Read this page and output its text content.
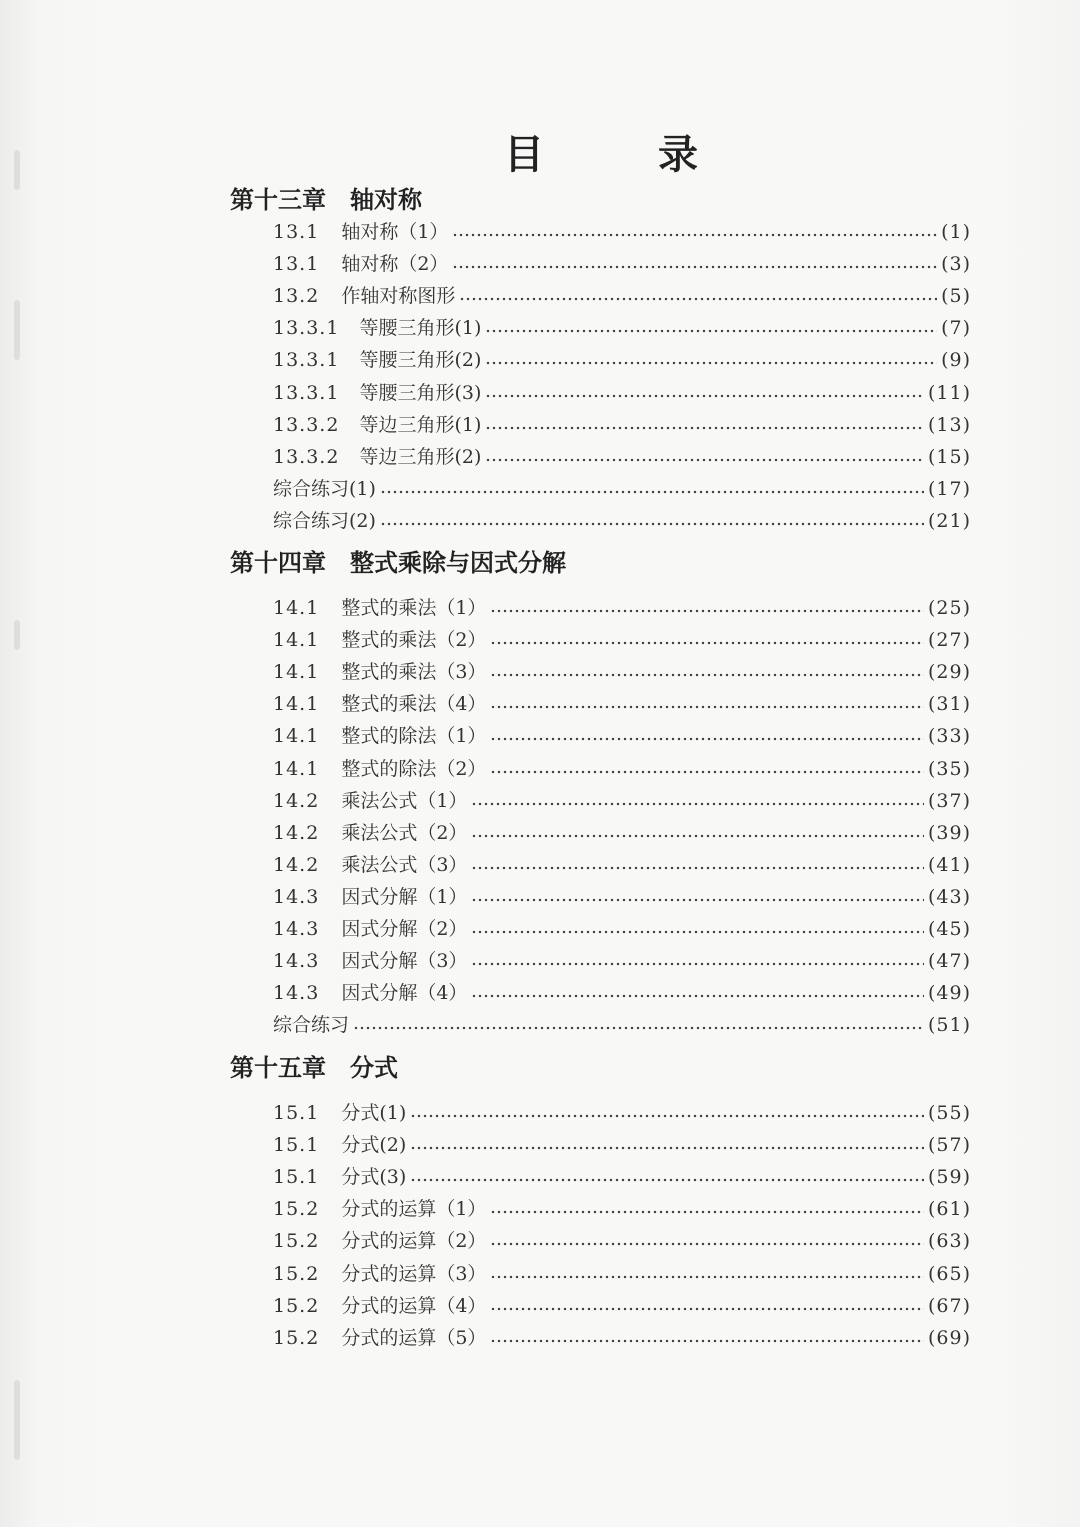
目	录
第十三章 轴对称
13.1 轴对称（1）	(1)
13.1 轴对称（2）	(3)
13.2 作轴对称图形	(5)
13.3.1 等腰三角形(1)	(7)
13.3.1 等腰三角形(2)	(9)
13.3.1 等腰三角形(3)	(11)
13.3.2 等边三角形(1)	(13)
13.3.2 等边三角形(2)	(15)
综合练习(1)	(17)
综合练习(2)	(21)
第十四章 整式乘除与因式分解
14.1 整式的乘法（1）	(25)
14.1 整式的乘法（2）	(27)
14.1 整式的乘法（3）	(29)
14.1 整式的乘法（4）	(31)
14.1 整式的除法（1）	(33)
14.1 整式的除法（2）	(35)
14.2 乘法公式（1）	(37)
14.2 乘法公式（2）	(39)
14.2 乘法公式（3）	(41)
14.3 因式分解（1）	(43)
14.3 因式分解（2）	(45)
14.3 因式分解（3）	(47)
14.3 因式分解（4）	(49)
综合练习	(51)
第十五章 分式
15.1 分式(1)	(55)
15.1 分式(2)	(57)
15.1 分式(3)	(59)
15.2 分式的运算（1）	(61)
15.2 分式的运算（2）	(63)
15.2 分式的运算（3）	(65)
15.2 分式的运算（4）	(67)
15.2 分式的运算（5）	(69)
